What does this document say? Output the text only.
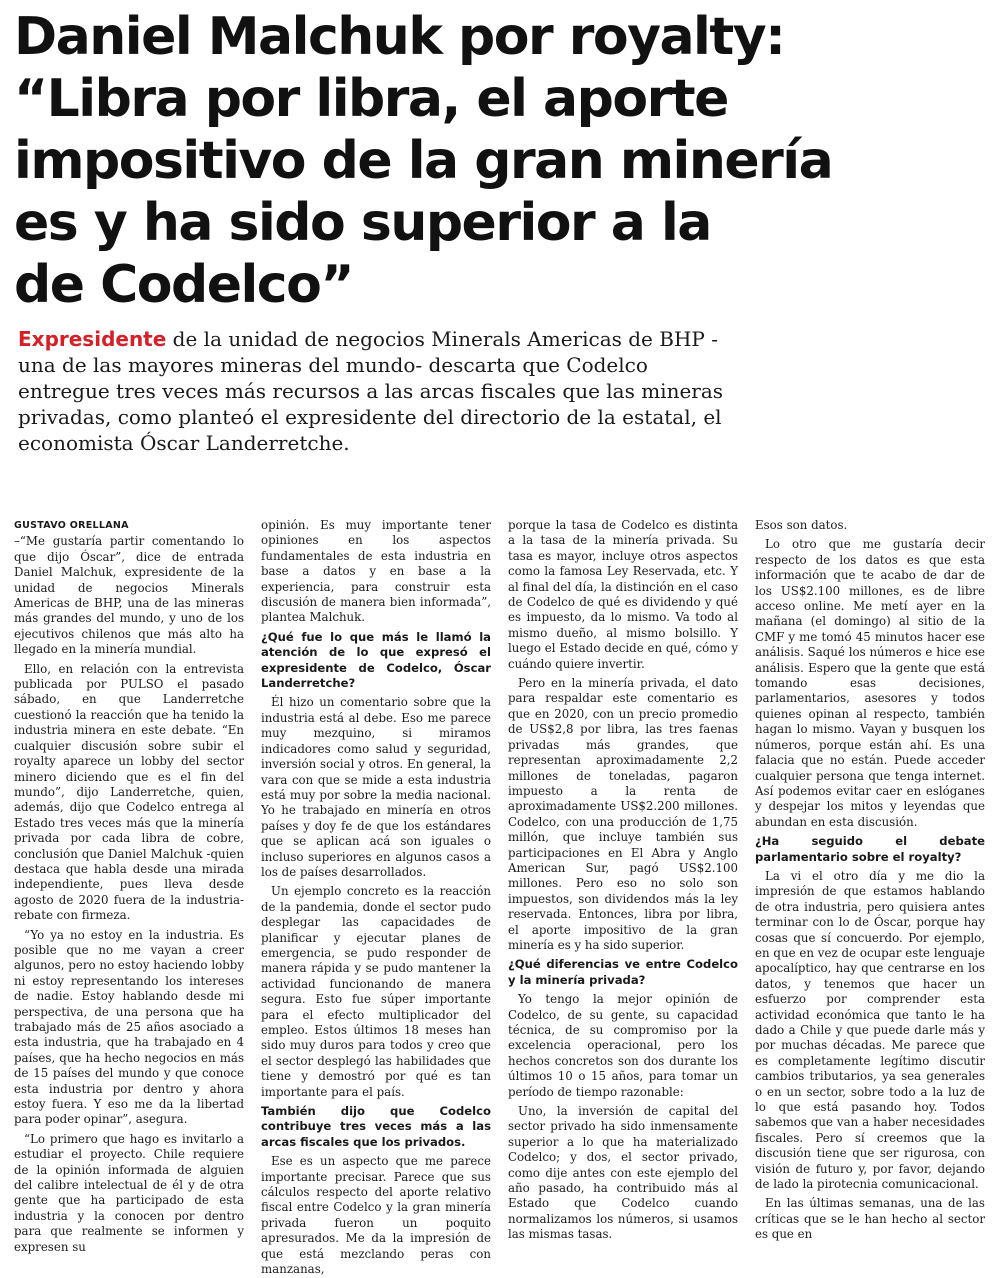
Daniel Malchuk por royalty:
“Libra por libra, el aporte
impositivo de la gran minería
es y ha sido superior a la
de Codelco”

Expresidente de la unidad de negocios Minerals Americas de BHP -una de las mayores mineras del mundo- descarta que Codelco entregue tres veces más recursos a las arcas fiscales que las mineras privadas, como planteó el expresidente del directorio de la estatal, el economista Óscar Landerretche.

GUSTAVO ORELLANA

–“Me gustaría partir comentando lo que dijo Óscar”, dice de entrada Daniel Malchuk, expresidente de la unidad de negocios Minerals Americas de BHP, una de las mineras más grandes del mundo, y uno de los ejecutivos chilenos que más alto ha llegado en la minería mundial.

Ello, en relación con la entrevista publicada por PULSO el pasado sábado, en que Landerretche cuestionó la reacción que ha tenido la industria minera en este debate. “En cualquier discusión sobre subir el royalty aparece un lobby del sector minero diciendo que es el fin del mundo”, dijo Landerretche, quien, además, dijo que Codelco entrega al Estado tres veces más que la minería privada por cada libra de cobre, conclusión que Daniel Malchuk -quien destaca que habla desde una mirada independiente, pues lleva desde agosto de 2020 fuera de la industria- rebate con firmeza.

“Yo ya no estoy en la industria. Es posible que no me vayan a creer algunos, pero no estoy haciendo lobby ni estoy representando los intereses de nadie. Estoy hablando desde mi perspectiva, de una persona que ha trabajado más de 25 años asociado a esta industria, que ha trabajado en 4 países, que ha hecho negocios en más de 15 países del mundo y que conoce esta industria por dentro y ahora estoy fuera. Y eso me da la libertad para poder opinar”, asegura.

“Lo primero que hago es invitarlo a estudiar el proyecto. Chile requiere de la opinión informada de alguien del calibre intelectual de él y de otra gente que ha participado de esta industria y la conocen por dentro para que realmente se informen y expresen su

opinión. Es muy importante tener opiniones en los aspectos fundamentales de esta industria en base a datos y en base a la experiencia, para construir esta discusión de manera bien informada”, plantea Malchuk.

¿Qué fue lo que más le llamó la atención de lo que expresó el expresidente de Codelco, Óscar Landerretche?

Él hizo un comentario sobre que la industria está al debe. Eso me parece muy mezquino, si miramos indicadores como salud y seguridad, inversión social y otros. En general, la vara con que se mide a esta industria está muy por sobre la media nacional. Yo he trabajado en minería en otros países y doy fe de que los estándares que se aplican acá son iguales o incluso superiores en algunos casos a los de países desarrollados.

Un ejemplo concreto es la reacción de la pandemia, donde el sector pudo desplegar las capacidades de planificar y ejecutar planes de emergencia, se pudo responder de manera rápida y se pudo mantener la actividad funcionando de manera segura. Esto fue súper importante para el efecto multiplicador del empleo. Estos últimos 18 meses han sido muy duros para todos y creo que el sector desplegó las habilidades que tiene y demostró por qué es tan importante para el país.

También dijo que Codelco contribuye tres veces más a las arcas fiscales que los privados.

Ese es un aspecto que me parece importante precisar. Parece que sus cálculos respecto del aporte relativo fiscal entre Codelco y la gran minería privada fueron un poquito apresurados. Me da la impresión de que está mezclando peras con manzanas,

porque la tasa de Codelco es distinta a la tasa de la minería privada. Su tasa es mayor, incluye otros aspectos como la famosa Ley Reservada, etc. Y al final del día, la distinción en el caso de Codelco de qué es dividendo y qué es impuesto, da lo mismo. Va todo al mismo dueño, al mismo bolsillo. Y luego el Estado decide en qué, cómo y cuándo quiere invertir.

Pero en la minería privada, el dato para respaldar este comentario es que en 2020, con un precio promedio de US$2,8 por libra, las tres faenas privadas más grandes, que representan aproximadamente 2,2 millones de toneladas, pagaron impuesto a la renta de aproximadamente US$2.200 millones. Codelco, con una producción de 1,75 millón, que incluye también sus participaciones en El Abra y Anglo American Sur, pagó US$2.100 millones. Pero eso no solo son impuestos, son dividendos más la ley reservada. Entonces, libra por libra, el aporte impositivo de la gran minería es y ha sido superior.

¿Qué diferencias ve entre Codelco y la minería privada?

Yo tengo la mejor opinión de Codelco, de su gente, su capacidad técnica, de su compromiso por la excelencia operacional, pero los hechos concretos son dos durante los últimos 10 o 15 años, para tomar un período de tiempo razonable:

Uno, la inversión de capital del sector privado ha sido inmensamente superior a lo que ha materializado Codelco; y dos, el sector privado, como dije antes con este ejemplo del año pasado, ha contribuido más al Estado que Codelco cuando normalizamos los números, si usamos las mismas tasas.

Esos son datos.

Lo otro que me gustaría decir respecto de los datos es que esta información que te acabo de dar de los US$2.100 millones, es de libre acceso online. Me metí ayer en la mañana (el domingo) al sitio de la CMF y me tomó 45 minutos hacer ese análisis. Saqué los números e hice ese análisis. Espero que la gente que está tomando esas decisiones, parlamentarios, asesores y todos quienes opinan al respecto, también hagan lo mismo. Vayan y busquen los números, porque están ahí. Es una falacia que no están. Puede acceder cualquier persona que tenga internet. Así podemos evitar caer en eslóganes y despejar los mitos y leyendas que abundan en esta discusión.

¿Ha seguido el debate parlamentario sobre el royalty?

La vi el otro día y me dio la impresión de que estamos hablando de otra industria, pero quisiera antes terminar con lo de Óscar, porque hay cosas que sí concuerdo. Por ejemplo, en que en vez de ocupar este lenguaje apocalíptico, hay que centrarse en los datos, y tenemos que hacer un esfuerzo por comprender esta actividad económica que tanto le ha dado a Chile y que puede darle más y por muchas décadas. Me parece que es completamente legítimo discutir cambios tributarios, ya sea generales o en un sector, sobre todo a la luz de lo que está pasando hoy. Todos sabemos que van a haber necesidades fiscales. Pero sí creemos que la discusión tiene que ser rigurosa, con visión de futuro y, por favor, dejando de lado la pirotecnia comunicacional.

En las últimas semanas, una de las críticas que se le han hecho al sector es que en
